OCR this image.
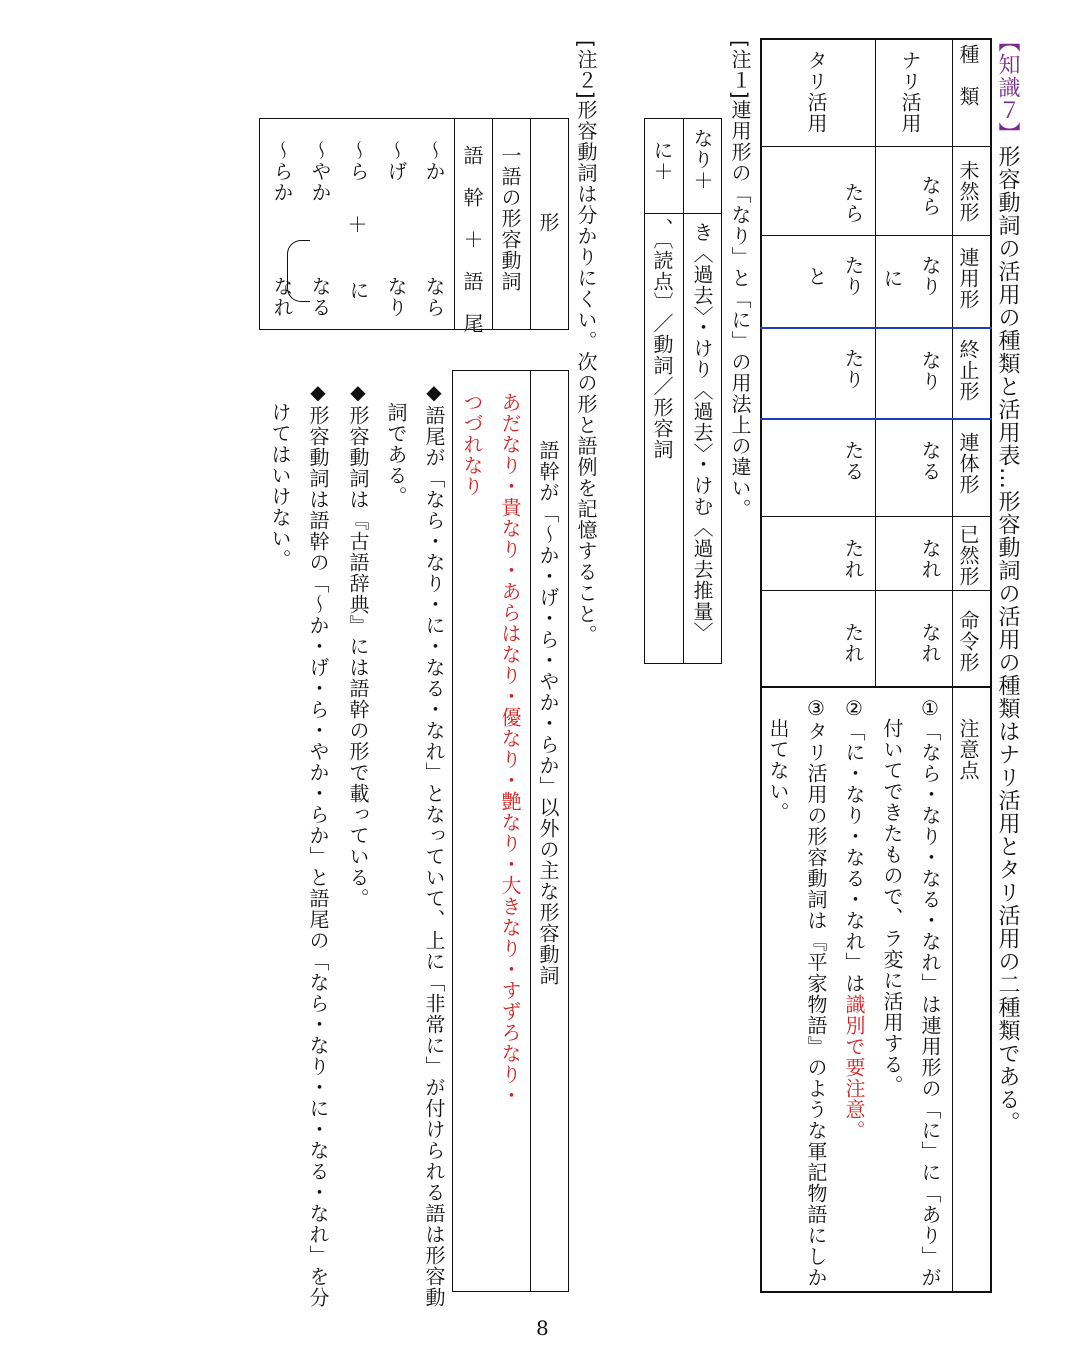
【知識７】形容動詞の活用の種類と活用表…形容動詞の活用の種類はナリ活用とタリ活用の二種類である。
種　類
未然形
連用形
終止形
連体形
已然形
命令形
注意点
ナリ活用
なら
なり
に
なり
なる
なれ
なれ
タリ活用
たら
たり
と
たり
たる
たれ
たれ
①「なら・なり・なる・なれ」は連用形の「に」に「あり」が
付いてできたもので、ラ変に活用する。
②「に・なり・なる・なれ」は識別で要注意。
③タリ活用の形容動詞は『平家物語』のような軍記物語にしか
出てない。
[注１]連用形の「なり」と「に」の用法上の違い。
なり＋
き〈過去〉・けり〈過去〉・けむ〈過去推量〉
に＋
、〔読点〕／動詞／形容詞
[注２]形容動詞は分かりにくい。次の形と語例を記憶すること。
形
一語の形容動詞
語　幹　＋　語　尾
～か
～げ
～ら
～やか
～らか
＋
なら
なり
に
なる
なれ
語幹が「～か・げ・ら・やか・らか」以外の主な形容動詞
あだなり・貴なり・あらはなり・優なり・艶なり・大きなり・すずろなり・
つづれなり
◆語尾が「なら・なり・に・なる・なれ」となっていて、上に「非常に」が付けられる語は形容動
詞である。
◆形容動詞は『古語辞典』には語幹の形で載っている。
◆形容動詞は語幹の「～か・げ・ら・やか・らか」と語尾の「なら・なり・に・なる・なれ」を分
けてはいけない。
8
